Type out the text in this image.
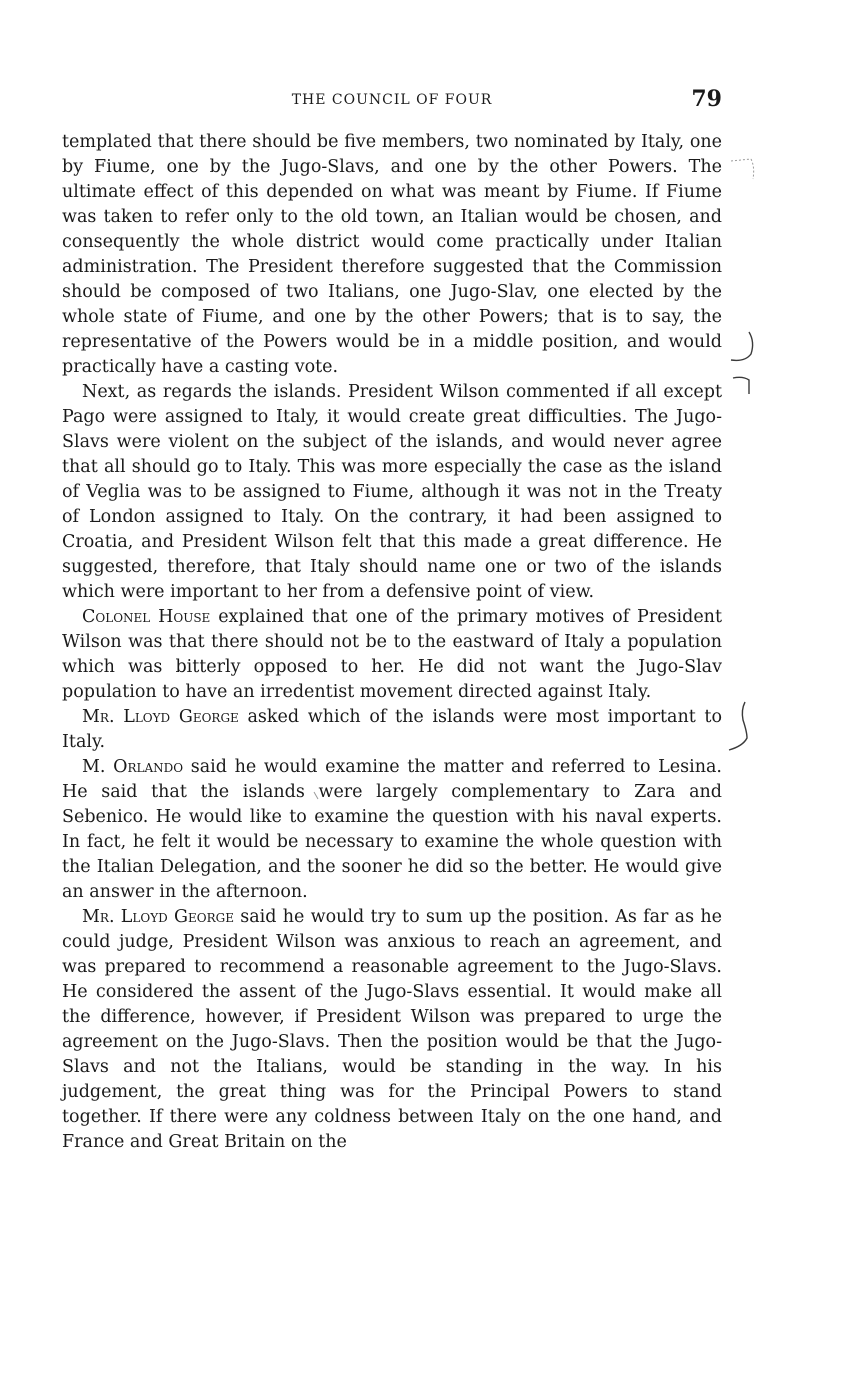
THE COUNCIL OF FOUR	79

templated that there should be five members, two nominated by Italy, one by Fiume, one by the Jugo-Slavs, and one by the other Powers. The ultimate effect of this depended on what was meant by Fiume. If Fiume was taken to refer only to the old town, an Italian would be chosen, and consequently the whole district would come practically under Italian administration. The President therefore suggested that the Commission should be composed of two Italians, one Jugo-Slav, one elected by the whole state of Fiume, and one by the other Powers; that is to say, the representative of the Powers would be in a middle position, and would practically have a casting vote.

Next, as regards the islands. President Wilson commented if all except Pago were assigned to Italy, it would create great difficulties. The Jugo-Slavs were violent on the subject of the islands, and would never agree that all should go to Italy. This was more especially the case as the island of Veglia was to be assigned to Fiume, although it was not in the Treaty of London assigned to Italy. On the contrary, it had been assigned to Croatia, and President Wilson felt that this made a great difference. He suggested, therefore, that Italy should name one or two of the islands which were important to her from a defensive point of view.

Colonel House explained that one of the primary motives of President Wilson was that there should not be to the eastward of Italy a population which was bitterly opposed to her. He did not want the Jugo-Slav population to have an irredentist movement directed against Italy.

Mr. Lloyd George asked which of the islands were most important to Italy.

M. Orlando said he would examine the matter and referred to Lesina. He said that the islands were largely complementary to Zara and Sebenico. He would like to examine the question with his naval experts. In fact, he felt it would be necessary to examine the whole question with the Italian Delegation, and the sooner he did so the better. He would give an answer in the afternoon.

Mr. Lloyd George said he would try to sum up the position. As far as he could judge, President Wilson was anxious to reach an agreement, and was prepared to recommend a reasonable agreement to the Jugo-Slavs. He considered the assent of the Jugo-Slavs essential. It would make all the difference, however, if President Wilson was prepared to urge the agreement on the Jugo-Slavs. Then the position would be that the Jugo-Slavs and not the Italians, would be standing in the way. In his judgement, the great thing was for the Principal Powers to stand together. If there were any coldness between Italy on the one hand, and France and Great Britain on the
